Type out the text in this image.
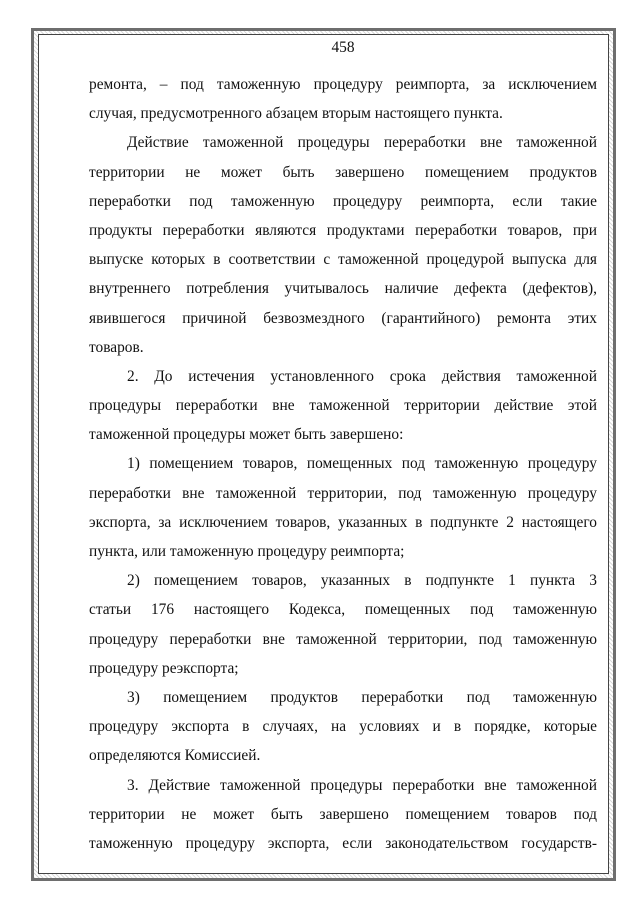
458
ремонта, – под таможенную процедуру реимпорта, за исключением
случая, предусмотренного абзацем вторым настоящего пункта.
Действие таможенной процедуры переработки вне таможенной
территории не может быть завершено помещением продуктов
переработки под таможенную процедуру реимпорта, если такие
продукты переработки являются продуктами переработки товаров, при
выпуске которых в соответствии с таможенной процедурой выпуска для
внутреннего потребления учитывалось наличие дефекта (дефектов),
явившегося причиной безвозмездного (гарантийного) ремонта этих
товаров.
2. До истечения установленного срока действия таможенной
процедуры переработки вне таможенной территории действие этой
таможенной процедуры может быть завершено:
1) помещением товаров, помещенных под таможенную процедуру
переработки вне таможенной территории, под таможенную процедуру
экспорта, за исключением товаров, указанных в подпункте 2 настоящего
пункта, или таможенную процедуру реимпорта;
2) помещением товаров, указанных в подпункте 1 пункта 3
статьи 176 настоящего Кодекса, помещенных под таможенную
процедуру переработки вне таможенной территории, под таможенную
процедуру реэкспорта;
3) помещением продуктов переработки под таможенную
процедуру экспорта в случаях, на условиях и в порядке, которые
определяются Комиссией.
3. Действие таможенной процедуры переработки вне таможенной
территории не может быть завершено помещением товаров под
таможенную процедуру экспорта, если законодательством государств-
